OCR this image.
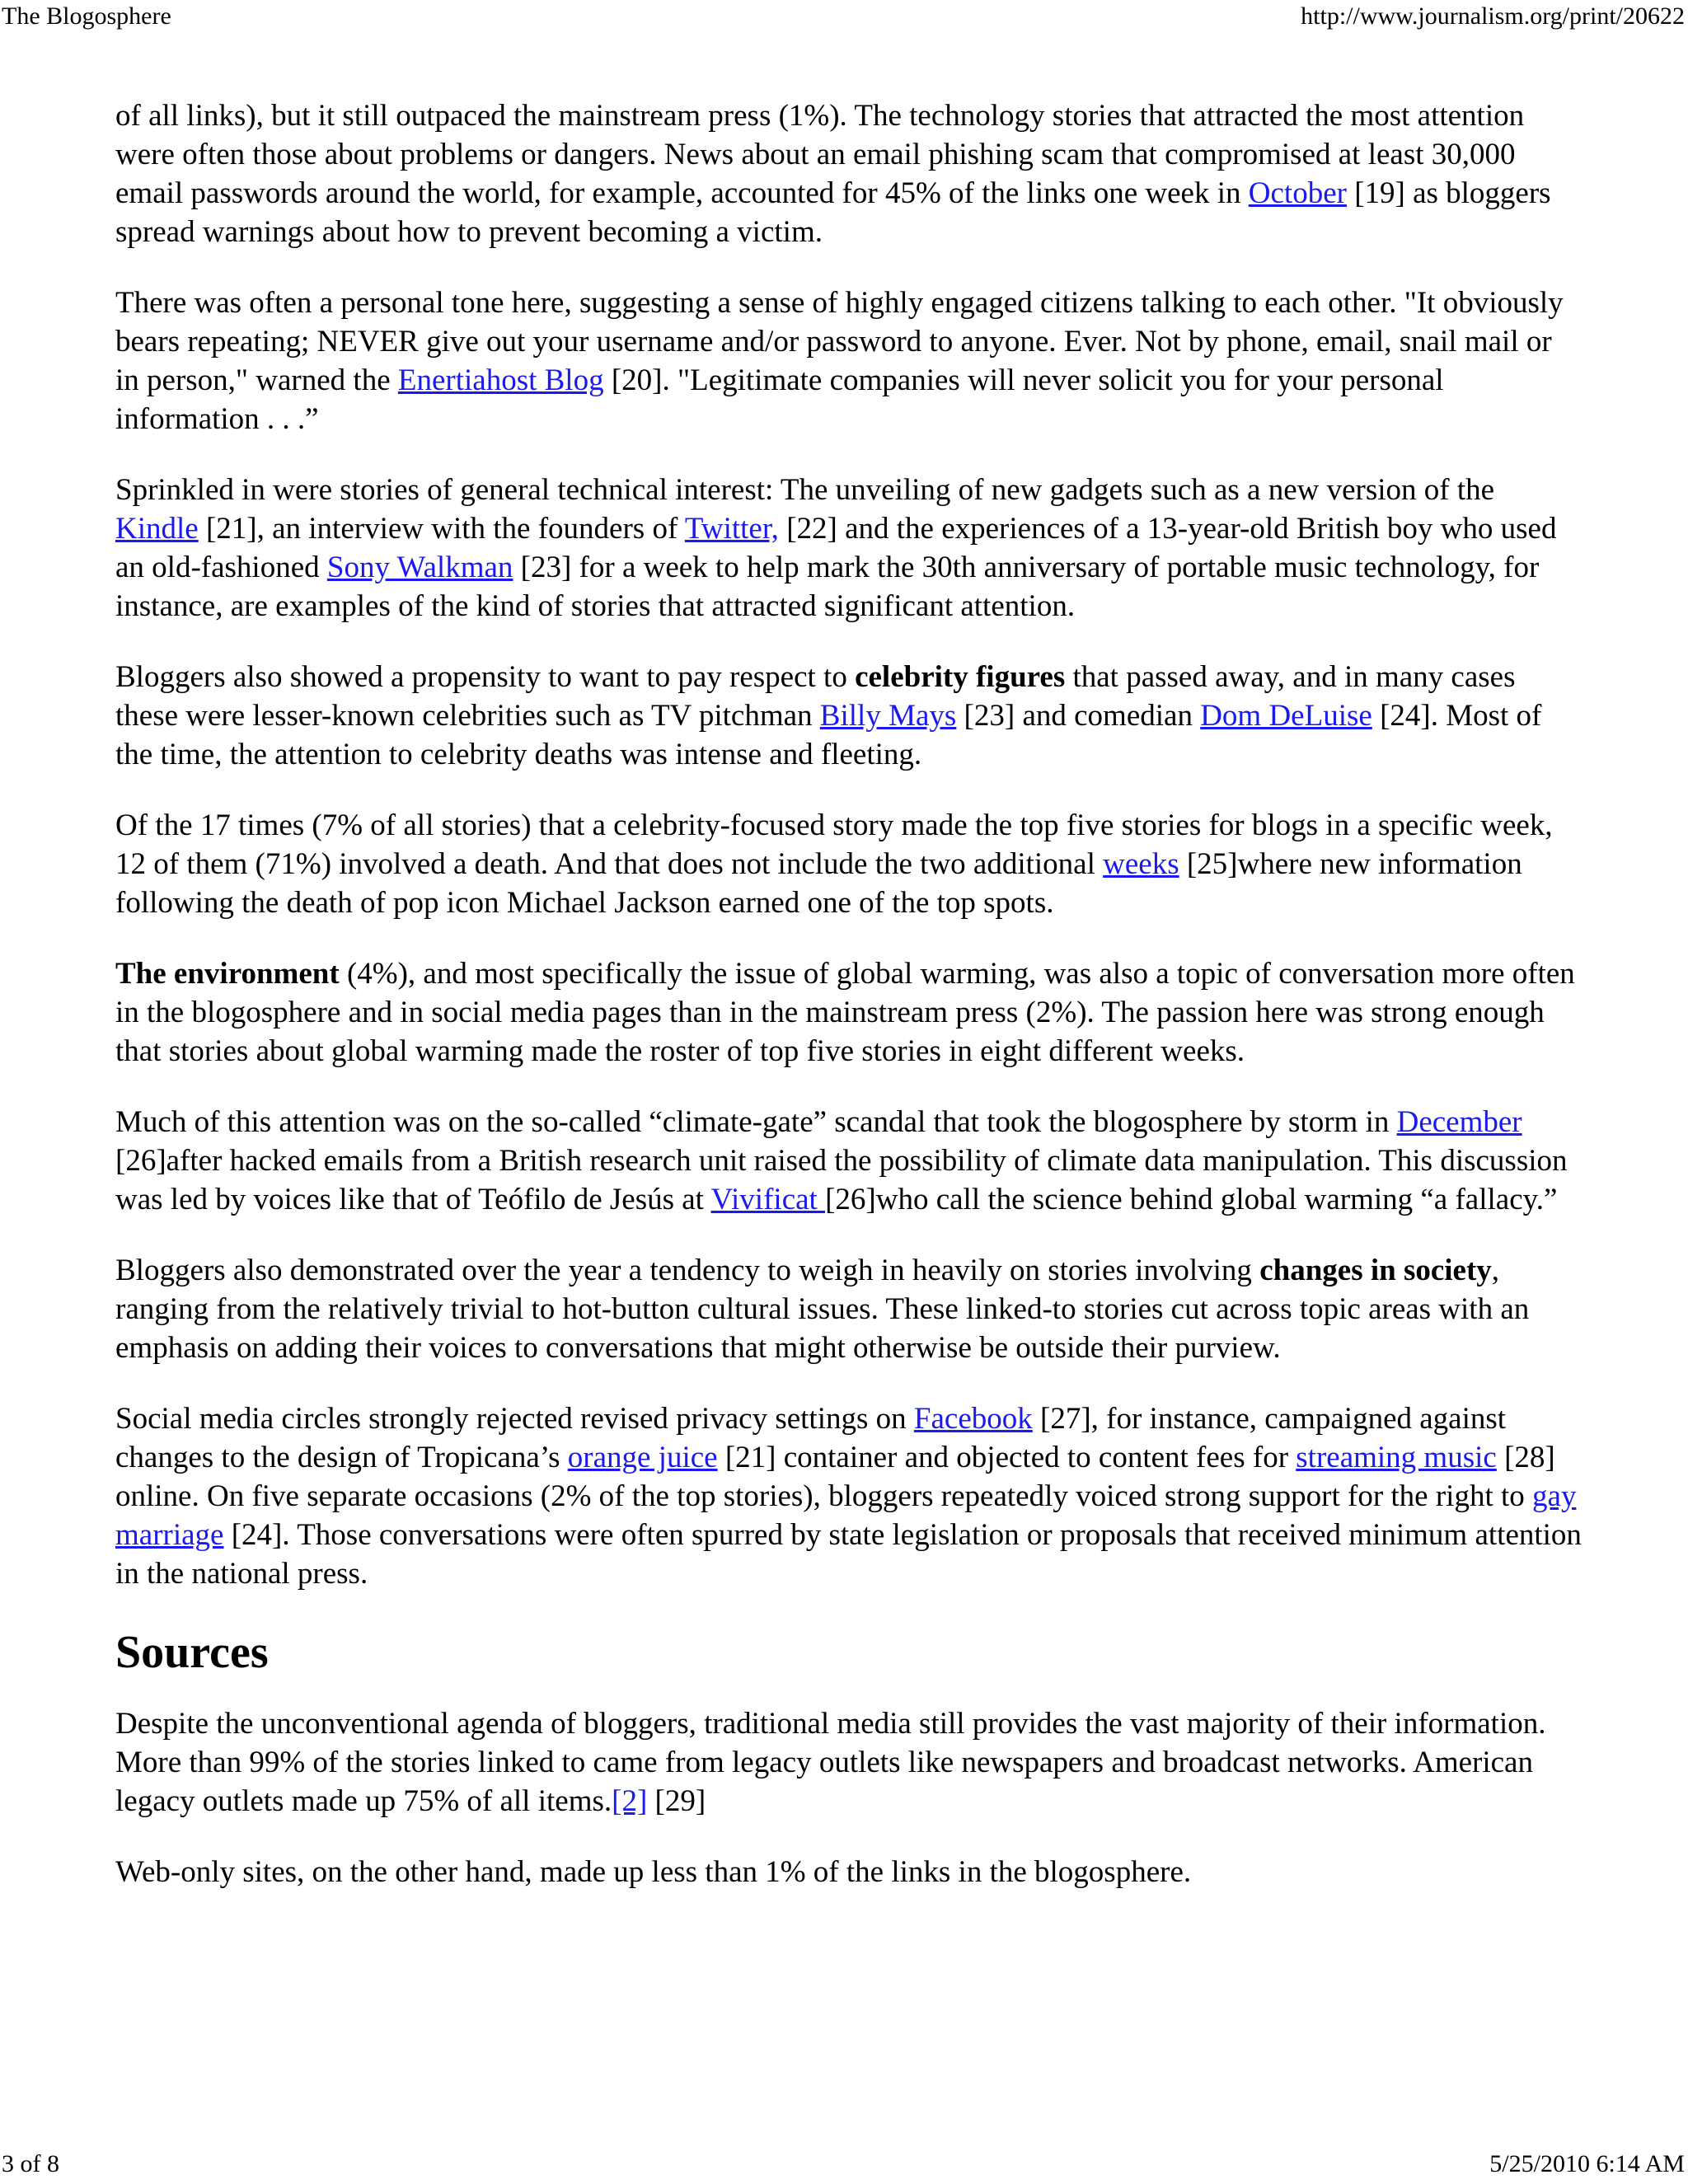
The Blogosphere	http://www.journalism.org/print/20622

of all links), but it still outpaced the mainstream press (1%). The technology stories that attracted the most attention were often those about problems or dangers. News about an email phishing scam that compromised at least 30,000 email passwords around the world, for example, accounted for 45% of the links one week in October [19] as bloggers spread warnings about how to prevent becoming a victim.

There was often a personal tone here, suggesting a sense of highly engaged citizens talking to each other. "It obviously bears repeating; NEVER give out your username and/or password to anyone. Ever. Not by phone, email, snail mail or in person," warned the Enertiahost Blog [20]. "Legitimate companies will never solicit you for your personal information . . .”

Sprinkled in were stories of general technical interest: The unveiling of new gadgets such as a new version of the Kindle [21], an interview with the founders of Twitter, [22] and the experiences of a 13-year-old British boy who used an old-fashioned Sony Walkman [23] for a week to help mark the 30th anniversary of portable music technology, for instance, are examples of the kind of stories that attracted significant attention.

Bloggers also showed a propensity to want to pay respect to celebrity figures that passed away, and in many cases these were lesser-known celebrities such as TV pitchman Billy Mays [23] and comedian Dom DeLuise [24]. Most of the time, the attention to celebrity deaths was intense and fleeting.

Of the 17 times (7% of all stories) that a celebrity-focused story made the top five stories for blogs in a specific week, 12 of them (71%) involved a death. And that does not include the two additional weeks [25]where new information following the death of pop icon Michael Jackson earned one of the top spots.

The environment (4%), and most specifically the issue of global warming, was also a topic of conversation more often in the blogosphere and in social media pages than in the mainstream press (2%). The passion here was strong enough that stories about global warming made the roster of top five stories in eight different weeks.

Much of this attention was on the so-called “climate-gate” scandal that took the blogosphere by storm in December [26]after hacked emails from a British research unit raised the possibility of climate data manipulation. This discussion was led by voices like that of Teófilo de Jesús at Vivificat [26]who call the science behind global warming “a fallacy.”

Bloggers also demonstrated over the year a tendency to weigh in heavily on stories involving changes in society, ranging from the relatively trivial to hot-button cultural issues. These linked-to stories cut across topic areas with an emphasis on adding their voices to conversations that might otherwise be outside their purview.

Social media circles strongly rejected revised privacy settings on Facebook [27], for instance, campaigned against changes to the design of Tropicana’s orange juice [21] container and objected to content fees for streaming music [28] online. On five separate occasions (2% of the top stories), bloggers repeatedly voiced strong support for the right to gay marriage [24]. Those conversations were often spurred by state legislation or proposals that received minimum attention in the national press.

Sources

Despite the unconventional agenda of bloggers, traditional media still provides the vast majority of their information. More than 99% of the stories linked to came from legacy outlets like newspapers and broadcast networks. American legacy outlets made up 75% of all items.[2] [29]

Web-only sites, on the other hand, made up less than 1% of the links in the blogosphere.

3 of 8	5/25/2010 6:14 AM
